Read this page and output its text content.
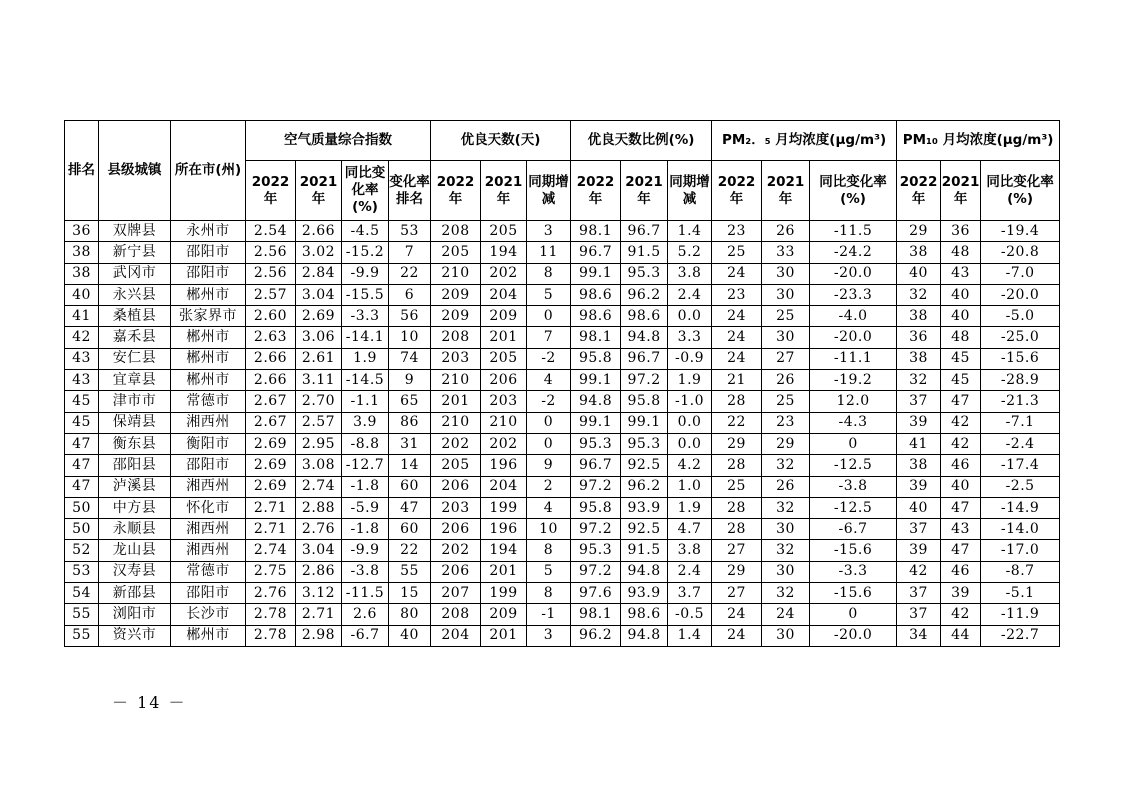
排名	县级城镇	所在市(州)	空气质量综合指数				优良天数(天)			优良天数比例(%)			PM₂．₅ 月均浓度(μg/m³)			PM₁₀ 月均浓度(μg/m³)		
			2022年	2021年	同比变化率(%)	变化率排名	2022年	2021年	同期增减	2022年	2021年	同期增减	2022年	2021年	同比变化率(%)	2022年	2021年	同比变化率(%)
36	双牌县	永州市	2.54	2.66	-4.5	53	208	205	3	98.1	96.7	1.4	23	26	-11.5	29	36	-19.4
38	新宁县	邵阳市	2.56	3.02	-15.2	7	205	194	11	96.7	91.5	5.2	25	33	-24.2	38	48	-20.8
38	武冈市	邵阳市	2.56	2.84	-9.9	22	210	202	8	99.1	95.3	3.8	24	30	-20.0	40	43	-7.0
40	永兴县	郴州市	2.57	3.04	-15.5	6	209	204	5	98.6	96.2	2.4	23	30	-23.3	32	40	-20.0
41	桑植县	张家界市	2.60	2.69	-3.3	56	209	209	0	98.6	98.6	0.0	24	25	-4.0	38	40	-5.0
42	嘉禾县	郴州市	2.63	3.06	-14.1	10	208	201	7	98.1	94.8	3.3	24	30	-20.0	36	48	-25.0
43	安仁县	郴州市	2.66	2.61	1.9	74	203	205	-2	95.8	96.7	-0.9	24	27	-11.1	38	45	-15.6
43	宜章县	郴州市	2.66	3.11	-14.5	9	210	206	4	99.1	97.2	1.9	21	26	-19.2	32	45	-28.9
45	津市市	常德市	2.67	2.70	-1.1	65	201	203	-2	94.8	95.8	-1.0	28	25	12.0	37	47	-21.3
45	保靖县	湘西州	2.67	2.57	3.9	86	210	210	0	99.1	99.1	0.0	22	23	-4.3	39	42	-7.1
47	衡东县	衡阳市	2.69	2.95	-8.8	31	202	202	0	95.3	95.3	0.0	29	29	0	41	42	-2.4
47	邵阳县	邵阳市	2.69	3.08	-12.7	14	205	196	9	96.7	92.5	4.2	28	32	-12.5	38	46	-17.4
47	泸溪县	湘西州	2.69	2.74	-1.8	60	206	204	2	97.2	96.2	1.0	25	26	-3.8	39	40	-2.5
50	中方县	怀化市	2.71	2.88	-5.9	47	203	199	4	95.8	93.9	1.9	28	32	-12.5	40	47	-14.9
50	永顺县	湘西州	2.71	2.76	-1.8	60	206	196	10	97.2	92.5	4.7	28	30	-6.7	37	43	-14.0
52	龙山县	湘西州	2.74	3.04	-9.9	22	202	194	8	95.3	91.5	3.8	27	32	-15.6	39	47	-17.0
53	汉寿县	常德市	2.75	2.86	-3.8	55	206	201	5	97.2	94.8	2.4	29	30	-3.3	42	46	-8.7
54	新邵县	邵阳市	2.76	3.12	-11.5	15	207	199	8	97.6	93.9	3.7	27	32	-15.6	37	39	-5.1
55	浏阳市	长沙市	2.78	2.71	2.6	80	208	209	-1	98.1	98.6	-0.5	24	24	0	37	42	-11.9
55	资兴市	郴州市	2.78	2.98	-6.7	40	204	201	3	96.2	94.8	1.4	24	30	-20.0	34	44	-22.7
－ 14 －
